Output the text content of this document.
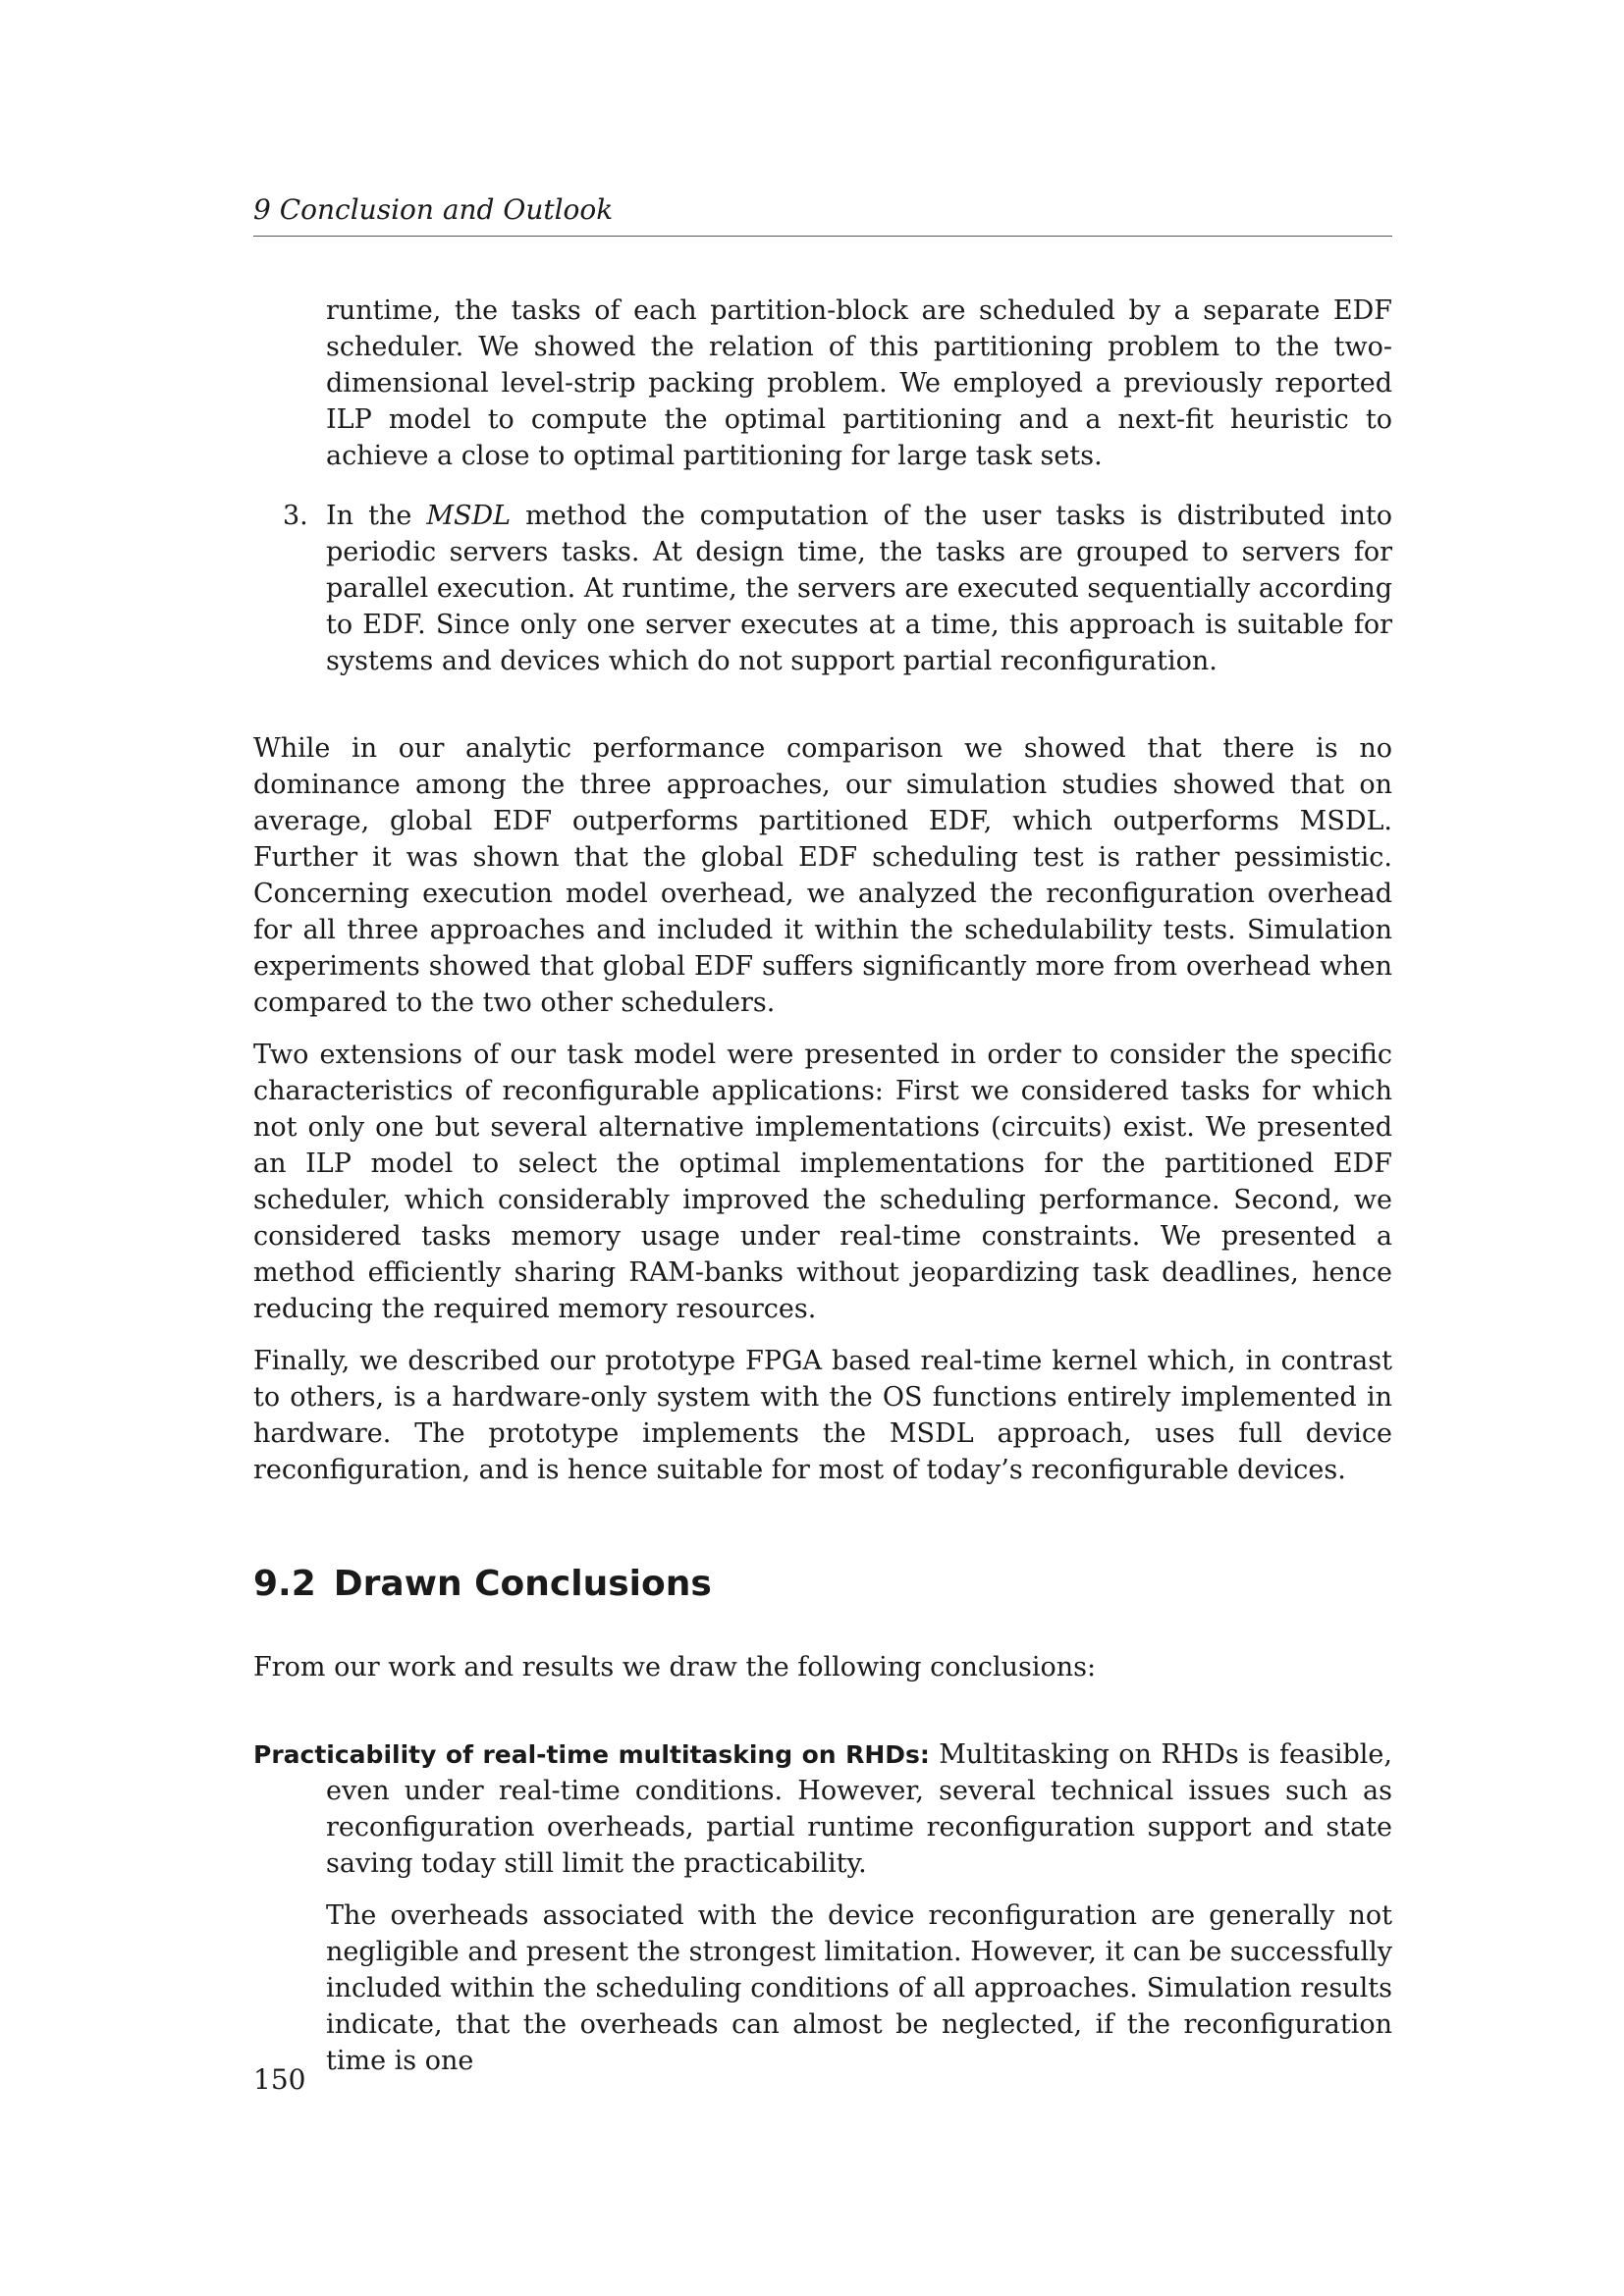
9 Conclusion and Outlook

runtime, the tasks of each partition-block are scheduled by a separate EDF scheduler. We showed the relation of this partitioning problem to the two-dimensional level-strip packing problem. We employed a previously reported ILP model to compute the optimal partitioning and a next-fit heuristic to achieve a close to optimal partitioning for large task sets.

3. In the MSDL method the computation of the user tasks is distributed into periodic servers tasks. At design time, the tasks are grouped to servers for parallel execution. At runtime, the servers are executed sequentially according to EDF. Since only one server executes at a time, this approach is suitable for systems and devices which do not support partial reconfiguration.

While in our analytic performance comparison we showed that there is no dominance among the three approaches, our simulation studies showed that on average, global EDF outperforms partitioned EDF, which outperforms MSDL. Further it was shown that the global EDF scheduling test is rather pessimistic. Concerning execution model overhead, we analyzed the reconfiguration overhead for all three approaches and included it within the schedulability tests. Simulation experiments showed that global EDF suffers significantly more from overhead when compared to the two other schedulers.

Two extensions of our task model were presented in order to consider the specific characteristics of reconfigurable applications: First we considered tasks for which not only one but several alternative implementations (circuits) exist. We presented an ILP model to select the optimal implementations for the partitioned EDF scheduler, which considerably improved the scheduling performance. Second, we considered tasks memory usage under real-time constraints. We presented a method efficiently sharing RAM-banks without jeopardizing task deadlines, hence reducing the required memory resources.

Finally, we described our prototype FPGA based real-time kernel which, in contrast to others, is a hardware-only system with the OS functions entirely implemented in hardware. The prototype implements the MSDL approach, uses full device reconfiguration, and is hence suitable for most of today’s reconfigurable devices.

9.2 Drawn Conclusions

From our work and results we draw the following conclusions:

Practicability of real-time multitasking on RHDs: Multitasking on RHDs is feasible, even under real-time conditions. However, several technical issues such as reconfiguration overheads, partial runtime reconfiguration support and state saving today still limit the practicability.

The overheads associated with the device reconfiguration are generally not negligible and present the strongest limitation. However, it can be successfully included within the scheduling conditions of all approaches. Simulation results indicate, that the overheads can almost be neglected, if the reconfiguration time is one

150
